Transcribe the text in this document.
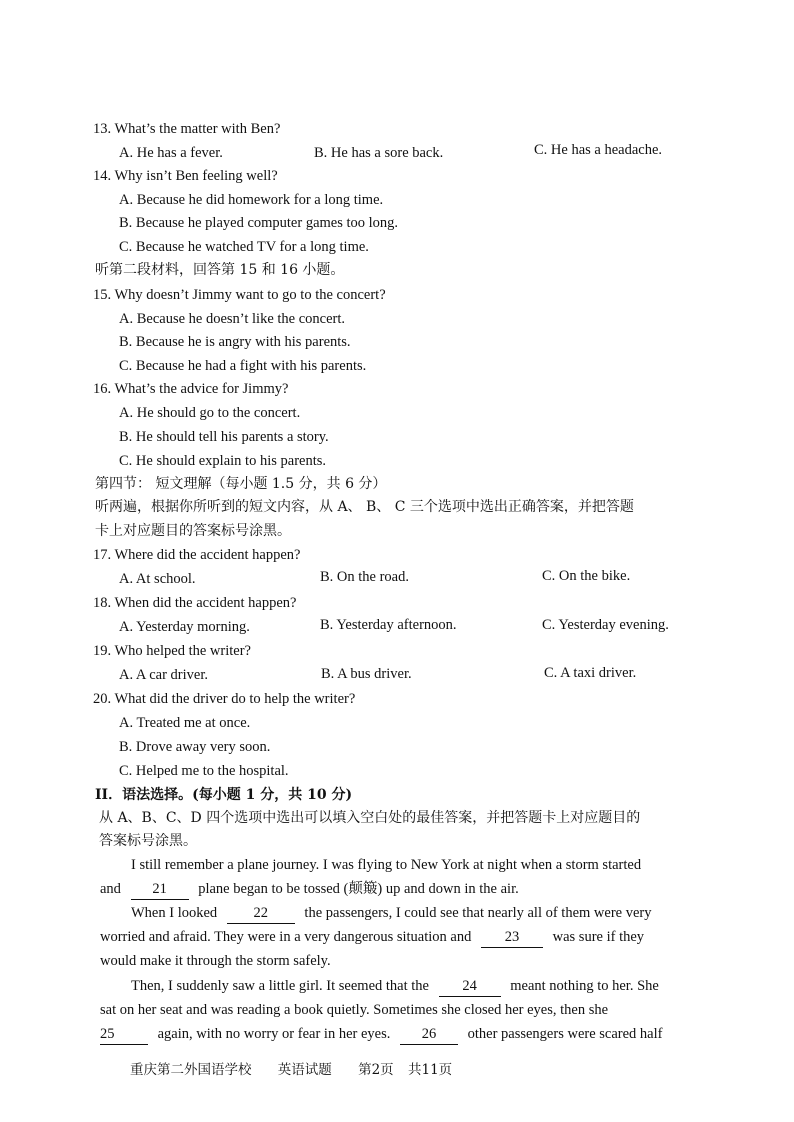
13. What’s the matter with Ben?
A. He has a fever.	B. He has a sore back.	C. He has a headache.
14. Why isn’t Ben feeling well?
A. Because he did homework for a long time.
B. Because he played computer games too long.
C. Because he watched TV for a long time.
听第二段材料，回答第 15 和 16 小题。
15. Why doesn’t Jimmy want to go to the concert?
A. Because he doesn’t like the concert.
B. Because he is angry with his parents.
C. Because he had a fight with his parents.
16. What’s the advice for Jimmy?
A. He should go to the concert.
B. He should tell his parents a story.
C. He should explain to his parents.
第四节： 短文理解（每小题 1.5 分，共 6 分）
听两遍，根据你所听到的短文内容，从 A、 B、 C 三个选项中选出正确答案，并把答题
卡上对应题目的答案标号涂黑。
17. Where did the accident happen?
A. At school.	B. On the road.	C. On the bike.
18. When did the accident happen?
A. Yesterday morning.	B. Yesterday afternoon.	C. Yesterday evening.
19. Who helped the writer?
A. A car driver.	B. A bus driver.	C. A taxi driver.
20. What did the driver do to help the writer?
A. Treated me at once.
B. Drove away very soon.
C. Helped me to the hospital.
II．语法选择。(每小题 1 分，共 10 分)
从 A、B、C、D 四个选项中选出可以填入空白处的最佳答案，并把答题卡上对应题目的
答案标号涂黑。
I still remember a plane journey. I was flying to New York at night when a storm started
and 21 plane began to be tossed (颠簸) up and down in the air.
When I looked	22	the passengers, I could see that nearly all of them were very
worried and afraid. They were in a very dangerous situation and 23 was sure if they
would make it through the storm safely.
Then, I suddenly saw a little girl. It seemed that the 24 meant nothing to her. She
sat on her seat and was reading a book quietly. Sometimes she closed her eyes, then she
25	again, with no worry or fear in her eyes. 26 other passengers were scared half
重庆第二外国语学校 英语试题 第2页 共11页
